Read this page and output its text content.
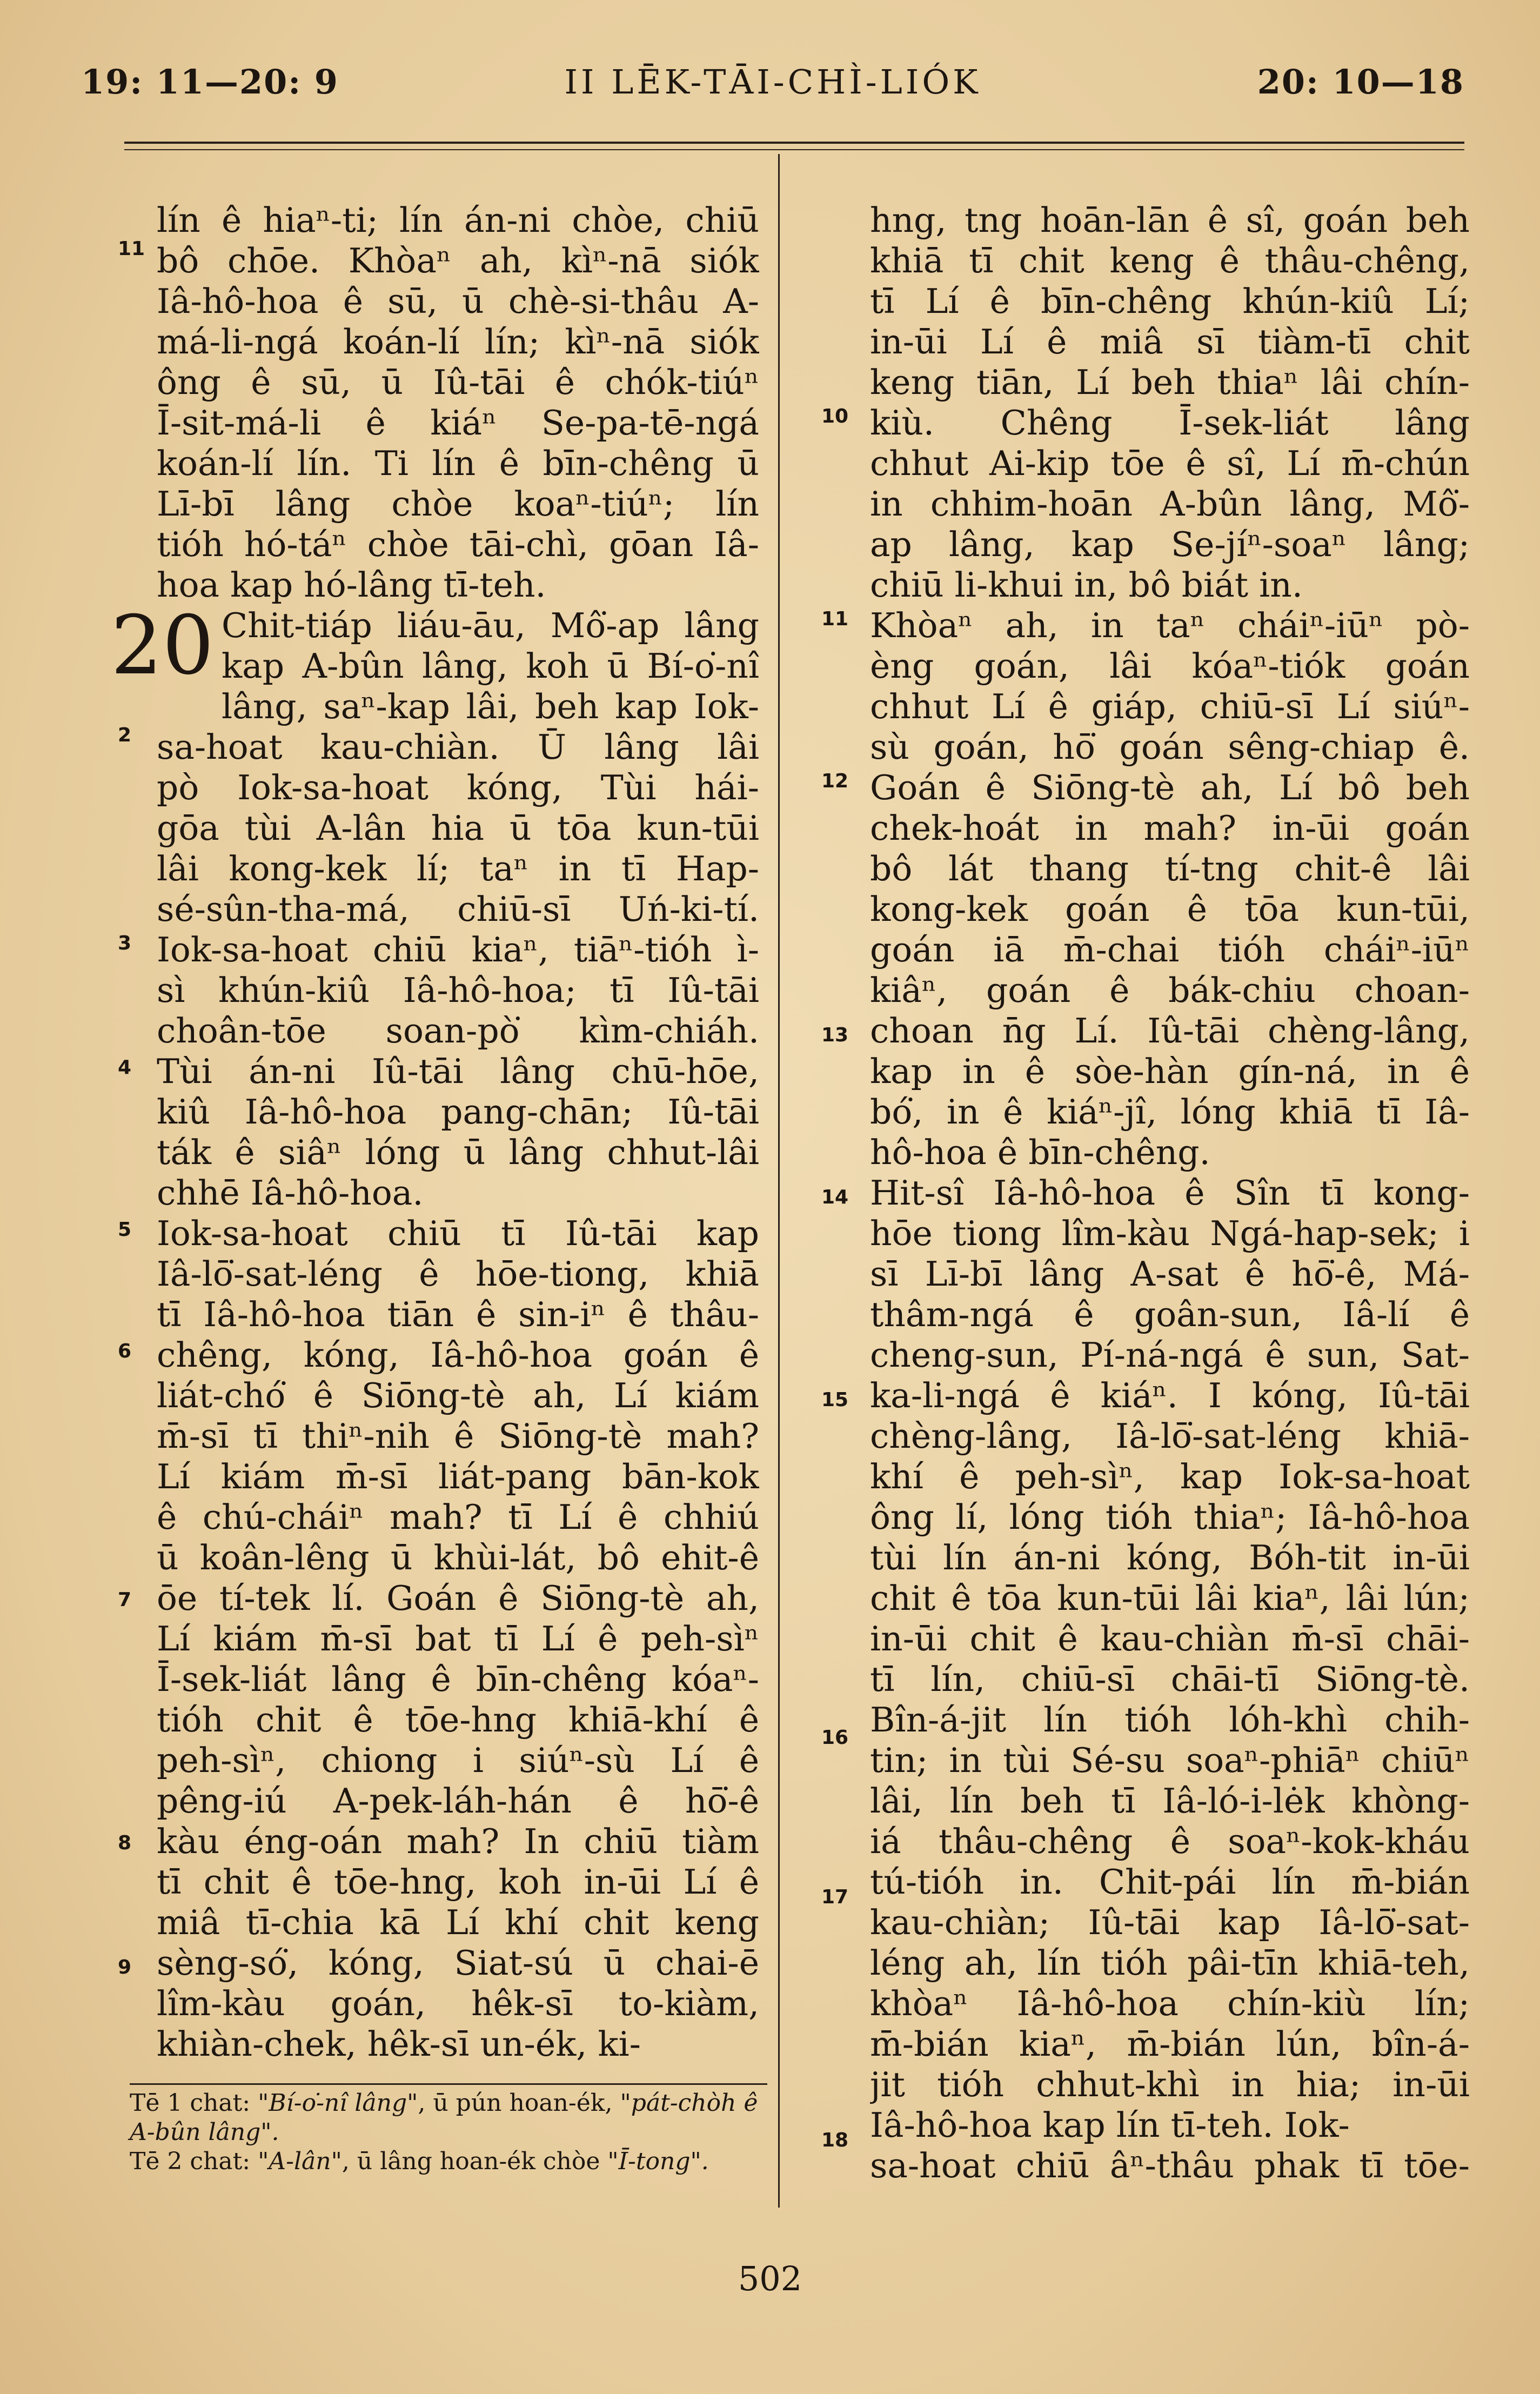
19: 11—20: 9	II LĒK-TĀI-CHÌ-LIÓK	20: 10—18
20
11
2
3
4
5
6
7
8
9
10
11
12
13
14
15
16
17
18
lín ê hiaⁿ-ti; lín án-ni chòe, chiū
bô chōe. Khòaⁿ ah, kìⁿ-nā siók
Iâ-hô-hoa ê sū, ū chè-si-thâu A-
má-li-ngá koán-lí lín; kìⁿ-nā siók
ông ê sū, ū Iû-tāi ê chók-tiúⁿ
Ī-sit-má-li ê kiáⁿ Se-pa-tē-ngá
koán-lí lín. Ti lín ê bīn-chêng ū
Lī-bī lâng chòe koaⁿ-tiúⁿ; lín
tióh hó-táⁿ chòe tāi-chì, gōan Iâ-
hoa kap hó-lâng tī-teh.
Chit-tiáp liáu-āu, Mô͘-ap lâng
kap A-bûn lâng, koh ū Bí-o͘-nî
lâng, saⁿ-kap lâi, beh kap Iok-
sa-hoat kau-chiàn. Ū lâng lâi
pò Iok-sa-hoat kóng, Tùi hái-
gōa tùi A-lân hia ū tōa kun-tūi
lâi kong-kek lí; taⁿ in tī Hap-
sé-sûn-tha-má, chiū-sī Uń-ki-tí.
Iok-sa-hoat chiū kiaⁿ, tiāⁿ-tióh ì-
sì khún-kiû Iâ-hô-hoa; tī Iû-tāi
choân-tōe soan-pò͘ kìm-chiáh.
Tùi án-ni Iû-tāi lâng chū-hōe,
kiû Iâ-hô-hoa pang-chān; Iû-tāi
ták ê siâⁿ lóng ū lâng chhut-lâi
chhē Iâ-hô-hoa.
Iok-sa-hoat chiū tī Iû-tāi kap
Iâ-lō͘-sat-léng ê hōe-tiong, khiā
tī Iâ-hô-hoa tiān ê sin-iⁿ ê thâu-
chêng, kóng, Iâ-hô-hoa goán ê
liát-chó͘ ê Siōng-tè ah, Lí kiám
m̄-sī tī thiⁿ-nih ê Siōng-tè mah?
Lí kiám m̄-sī liát-pang bān-kok
ê chú-cháiⁿ mah? tī Lí ê chhiú
ū koân-lêng ū khùi-lát, bô ehit-ê
ōe tí-tek lí. Goán ê Siōng-tè ah,
Lí kiám m̄-sī bat tī Lí ê peh-sìⁿ
Ī-sek-liát lâng ê bīn-chêng kóaⁿ-
tióh chit ê tōe-hng khiā-khí ê
peh-sìⁿ, chiong i siúⁿ-sù Lí ê
pêng-iú A-pek-láh-hán ê hō͘-ê
kàu éng-oán mah? In chiū tiàm
tī chit ê tōe-hng, koh in-ūi Lí ê
miâ tī-chia kā Lí khí chit keng
sèng-só͘, kóng, Siat-sú ū chai-ē
lîm-kàu goán, hêk-sī to-kiàm,
khiàn-chek, hêk-sī un-ék, ki-
hng, tng hoān-lān ê sî, goán beh
khiā tī chit keng ê thâu-chêng,
tī Lí ê bīn-chêng khún-kiû Lí;
in-ūi Lí ê miâ sī tiàm-tī chit
keng tiān, Lí beh thiaⁿ lâi chín-
kiù. Chêng Ī-sek-liát lâng
chhut Ai-kip tōe ê sî, Lí m̄-chún
in chhim-hoān A-bûn lâng, Mô͘-
ap lâng, kap Se-jíⁿ-soaⁿ lâng;
chiū li-khui in, bô biát in.
Khòaⁿ ah, in taⁿ cháiⁿ-iūⁿ pò-
èng goán, lâi kóaⁿ-tiók goán
chhut Lí ê giáp, chiū-sī Lí siúⁿ-
sù goán, hō͘ goán sêng-chiap ê.
Goán ê Siōng-tè ah, Lí bô beh
chek-hoát in mah? in-ūi goán
bô lát thang tí-tng chit-ê lâi
kong-kek goán ê tōa kun-tūi,
goán iā m̄-chai tióh cháiⁿ-iūⁿ
kiâⁿ, goán ê bák-chiu choan-
choan n̄g Lí. Iû-tāi chèng-lâng,
kap in ê sòe-hàn gín-ná, in ê
bó͘, in ê kiáⁿ-jî, lóng khiā tī Iâ-
hô-hoa ê bīn-chêng.
Hit-sî Iâ-hô-hoa ê Sîn tī kong-
hōe tiong lîm-kàu Ngá-hap-sek; i
sī Lī-bī lâng A-sat ê hō͘-ê, Má-
thâm-ngá ê goân-sun, Iâ-lí ê
cheng-sun, Pí-ná-ngá ê sun, Sat-
ka-li-ngá ê kiáⁿ. I kóng, Iû-tāi
chèng-lâng, Iâ-lō͘-sat-léng khiā-
khí ê peh-sìⁿ, kap Iok-sa-hoat
ông lí, lóng tióh thiaⁿ; Iâ-hô-hoa
tùi lín án-ni kóng, Bóh-tit in-ūi
chit ê tōa kun-tūi lâi kiaⁿ, lâi lún;
in-ūi chit ê kau-chiàn m̄-sī chāi-
tī lín, chiū-sī chāi-tī Siōng-tè.
Bîn-á-jit lín tióh lóh-khì chih-
tin; in tùi Sé-su soaⁿ-phiāⁿ chiūⁿ
lâi, lín beh tī Iâ-ló-i-lėk khòng-
iá thâu-chêng ê soaⁿ-kok-kháu
tú-tióh in. Chit-pái lín m̄-bián
kau-chiàn; Iû-tāi kap Iâ-lō͘-sat-
léng ah, lín tióh pâi-tīn khiā-teh,
khòaⁿ Iâ-hô-hoa chín-kiù lín;
m̄-bián kiaⁿ, m̄-bián lún, bîn-á-
jit tióh chhut-khì in hia; in-ūi
Iâ-hô-hoa kap lín tī-teh. Iok-
sa-hoat chiū âⁿ-thâu phak tī tōe-
Tē 1 chat: "Bí-o͘-nî lâng", ū pún hoan-ék, "pát-chòh ê A-bûn lâng".
Tē 2 chat: "A-lân", ū lâng hoan-ék chòe "Ī-tong".
502
